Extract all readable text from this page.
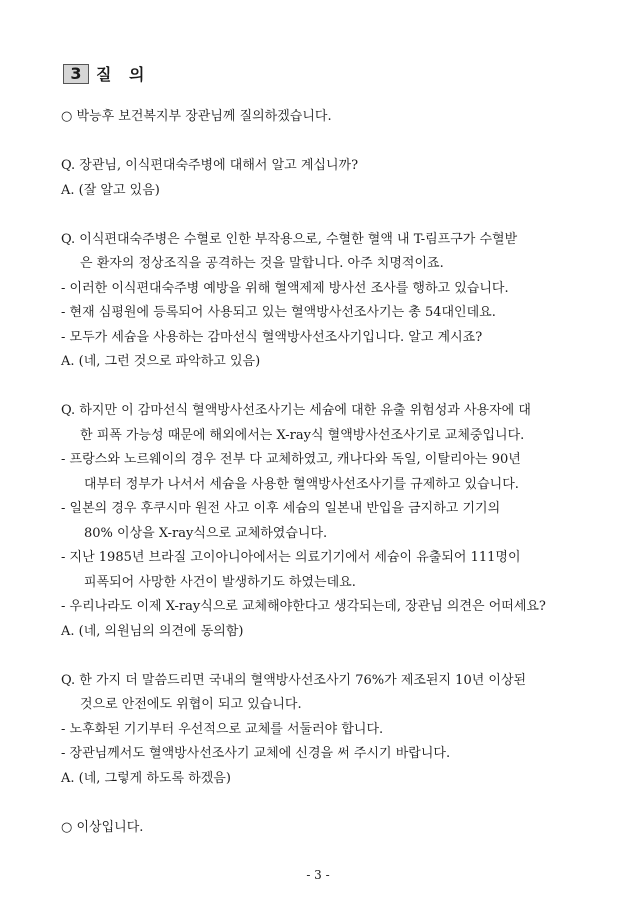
3 질 의

○ 박능후 보건복지부 장관님께 질의하겠습니다.

Q. 장관님, 이식편대숙주병에 대해서 알고 계십니까?

A. (잘 알고 있음)

Q. 이식편대숙주병은 수혈로 인한 부작용으로, 수혈한 혈액 내 T-림프구가 수혈받

은 환자의 정상조직을 공격하는 것을 말합니다. 아주 치명적이죠.

- 이러한 이식편대숙주병 예방을 위해 혈액제제 방사선 조사를 행하고 있습니다.

- 현재 심평원에 등록되어 사용되고 있는 혈액방사선조사기는 총 54대인데요.

- 모두가 세슘을 사용하는 감마선식 혈액방사선조사기입니다. 알고 계시죠?

A. (네, 그런 것으로 파악하고 있음)

Q. 하지만 이 감마선식 혈액방사선조사기는 세슘에 대한 유출 위험성과 사용자에 대

한 피폭 가능성 때문에 해외에서는 X-ray식 혈액방사선조사기로 교체중입니다.

- 프랑스와 노르웨이의 경우 전부 다 교체하였고, 캐나다와 독일, 이탈리아는 90년

대부터 정부가 나서서 세슘을 사용한 혈액방사선조사기를 규제하고 있습니다.

- 일본의 경우 후쿠시마 원전 사고 이후 세슘의 일본내 반입을 금지하고 기기의

80% 이상을 X-ray식으로 교체하였습니다.

- 지난 1985년 브라질 고이아니아에서는 의료기기에서 세슘이 유출되어 111명이

피폭되어 사망한 사건이 발생하기도 하였는데요.

- 우리나라도 이제 X-ray식으로 교체해야한다고 생각되는데, 장관님 의견은 어떠세요?

A. (네, 의원님의 의견에 동의함)

Q. 한 가지 더 말씀드리면 국내의 혈액방사선조사기 76%가 제조된지 10년 이상된

것으로 안전에도 위협이 되고 있습니다.

- 노후화된 기기부터 우선적으로 교체를 서둘러야 합니다.

- 장관님께서도 혈액방사선조사기 교체에 신경을 써 주시기 바랍니다.

A. (네, 그렇게 하도록 하겠음)

○ 이상입니다.

- 3 -
